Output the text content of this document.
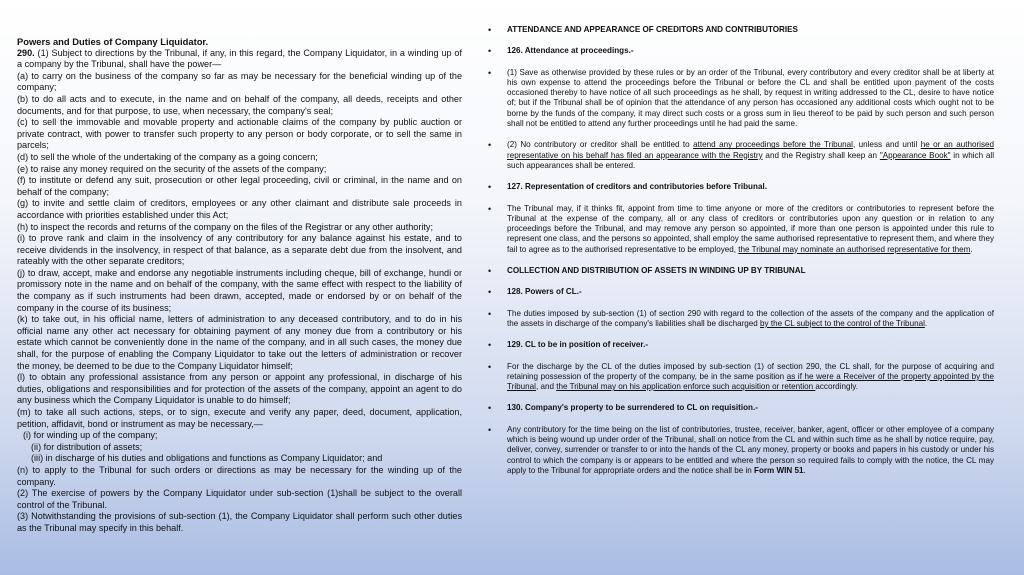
Powers and Duties of Company Liquidator.

290. (1) Subject to directions by the Tribunal, if any, in this regard, the Company Liquidator, in a winding up of a company by the Tribunal, shall have the power—

(a) to carry on the business of the company so far as may be necessary for the beneficial winding up of the company;

(b) to do all acts and to execute, in the name and on behalf of the company, all deeds, receipts and other documents, and for that purpose, to use, when necessary, the company's seal;

(c) to sell the immovable and movable property and actionable claims of the company by public auction or private contract, with power to transfer such property to any person or body corporate, or to sell the same in parcels;

(d) to sell the whole of the undertaking of the company as a going concern;

(e) to raise any money required on the security of the assets of the company;

(f) to institute or defend any suit, prosecution or other legal proceeding, civil or criminal, in the name and on behalf of the company;

(g) to invite and settle claim of creditors, employees or any other claimant and distribute sale proceeds in accordance with priorities established under this Act;

(h) to inspect the records and returns of the company on the files of the Registrar or any other authority;

(i) to prove rank and claim in the insolvency of any contributory for any balance against his estate, and to receive dividends in the insolvency, in respect of that balance, as a separate debt due from the insolvent, and rateably with the other separate creditors;

(j) to draw, accept, make and endorse any negotiable instruments including cheque, bill of exchange, hundi or promissory note in the name and on behalf of the company, with the same effect with respect to the liability of the company as if such instruments had been drawn, accepted, made or endorsed by or on behalf of the company in the course of its business;

(k) to take out, in his official name, letters of administration to any deceased contributory, and to do in his official name any other act necessary for obtaining payment of any money due from a contributory or his estate which cannot be conveniently done in the name of the company, and in all such cases, the money due shall, for the purpose of enabling the Company Liquidator to take out the letters of administration or recover the money, be deemed to be due to the Company Liquidator himself;

(l) to obtain any professional assistance from any person or appoint any professional, in discharge of his duties, obligations and responsibilities and for protection of the assets of the company, appoint an agent to do any business which the Company Liquidator is unable to do himself;

(m) to take all such actions, steps, or to sign, execute and verify any paper, deed, document, application, petition, affidavit, bond or instrument as may be necessary,—

(i) for winding up of the company;

(ii) for distribution of assets;

(iii) in discharge of his duties and obligations and functions as Company Liquidator; and

(n) to apply to the Tribunal for such orders or directions as may be necessary for the winding up of the company.

(2) The exercise of powers by the Company Liquidator under sub-section (1)shall be subject to the overall control of the Tribunal.

(3) Notwithstanding the provisions of sub-section (1), the Company Liquidator shall perform such other duties as the Tribunal may specify in this behalf.

• ATTENDANCE AND APPEARANCE OF CREDITORS AND CONTRIBUTORIES
• 126. Attendance at proceedings.-
• (1) Save as otherwise provided by these rules or by an order of the Tribunal, every contributory and every creditor shall be at liberty at his own expense to attend the proceedings before the Tribunal or before the CL and shall be entitled upon payment of the costs occasioned thereby to have notice of all such proceedings as he shall, by request in writing addressed to the CL, desire to have notice of; but if the Tribunal shall be of opinion that the attendance of any person has occasioned any additional costs which ought not to be borne by the funds of the company, it may direct such costs or a gross sum in lieu thereof to be paid by such person and such person shall not be entitled to attend any further proceedings until he had paid the same.
• (2) No contributory or creditor shall be entitled to attend any proceedings before the Tribunal, unless and until he or an authorised representative on his behalf has filed an appearance with the Registry and the Registry shall keep an "Appearance Book" in which all such appearances shall be entered.
• 127. Representation of creditors and contributories before Tribunal.
• The Tribunal may, if it thinks fit, appoint from time to time anyone or more of the creditors or contributories to represent before the Tribunal at the expense of the company, all or any class of creditors or contributories upon any question or in relation to any proceedings before the Tribunal, and may remove any person so appointed, if more than one person is appointed under this rule to represent one class, and the persons so appointed, shall employ the same authorised representative to represent them, and where they fail to agree as to the authorised representative to be employed, the Tribunal may nominate an authorised representative for them.
• COLLECTION AND DISTRIBUTION OF ASSETS IN WINDING UP BY TRIBUNAL
• 128. Powers of CL.-
• The duties imposed by sub-section (1) of section 290 with regard to the collection of the assets of the company and the application of the assets in discharge of the company's liabilities shall be discharged by the CL subject to the control of the Tribunal.
• 129. CL to be in position of receiver.-
• For the discharge by the CL of the duties imposed by sub-section (1) of section 290, the CL shall, for the purpose of acquiring and retaining possession of the property of the company, be in the same position as if he were a Receiver of the property appointed by the Tribunal, and the Tribunal may on his application enforce such acquisition or retention accordingly.
• 130. Company's property to be surrendered to CL on requisition.-
• Any contributory for the time being on the list of contributories, trustee, receiver, banker, agent, officer or other employee of a company which is being wound up under order of the Tribunal, shall on notice from the CL and within such time as he shall by notice require, pay, deliver, convey, surrender or transfer to or into the hands of the CL any money, property or books and papers in his custody or under his control to which the company is or appears to be entitled and where the person so required fails to comply with the notice, the CL may apply to the Tribunal for appropriate orders and the notice shall be in Form WIN 51.
